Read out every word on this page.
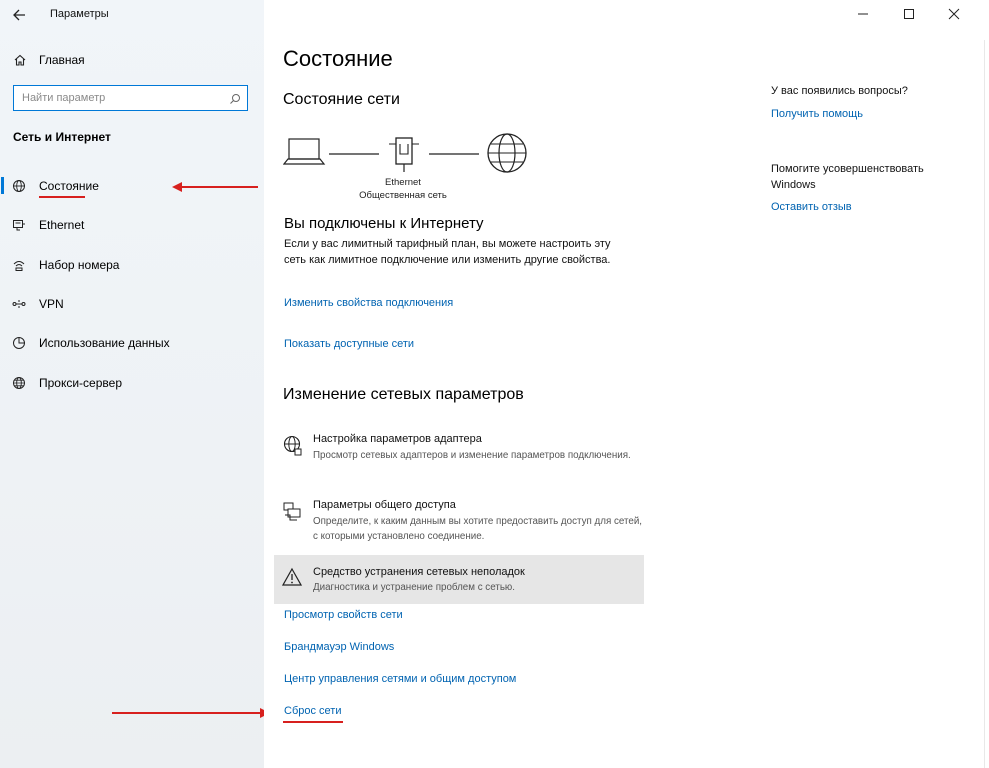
Параметры
Главная
Найти параметр
Сеть и Интернет
Состояние
Ethernet
Набор номера
VPN
Использование данных
Прокси-сервер
Состояние
Состояние сети
Ethernet
Общественная сеть
Вы подключены к Интернету
Если у вас лимитный тарифный план, вы можете настроить эту сеть как лимитное подключение или изменить другие свойства.
Изменить свойства подключения
Показать доступные сети
Изменение сетевых параметров
Настройка параметров адаптера
Просмотр сетевых адаптеров и изменение параметров подключения.
Параметры общего доступа
Определите, к каким данным вы хотите предоставить доступ для сетей, с которыми установлено соединение.
Средство устранения сетевых неполадок
Диагностика и устранение проблем с сетью.
Просмотр свойств сети
Брандмауэр Windows
Центр управления сетями и общим доступом
Сброс сети
У вас появились вопросы?
Получить помощь
Помогите усовершенствовать Windows
Оставить отзыв
